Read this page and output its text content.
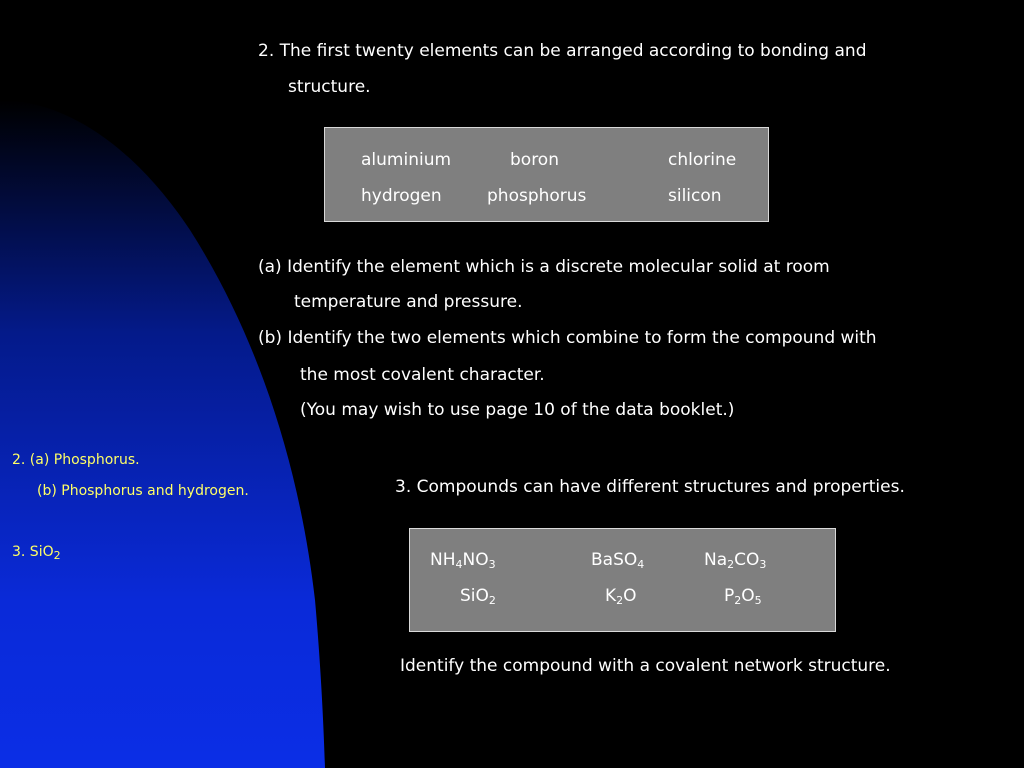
2. The first twenty elements can be arranged according to bonding and
structure.
aluminium	boron	chlorine
hydrogen	phosphorus	silicon
(a) Identify the element which is a discrete molecular solid at room
temperature and pressure.
(b) Identify the two elements which combine to form the compound with
the most covalent character.
(You may wish to use page 10 of the data booklet.)
2. (a) Phosphorus.
(b) Phosphorus and hydrogen.
3. SiO$_2$
3. Compounds can have different structures and properties.
$NH_4NO_3$	BaSO$_4$	$Na_2CO_3$
SiO$_2$	$K_2O$	$P_2O_5$
Identify the compound with a covalent network structure.
